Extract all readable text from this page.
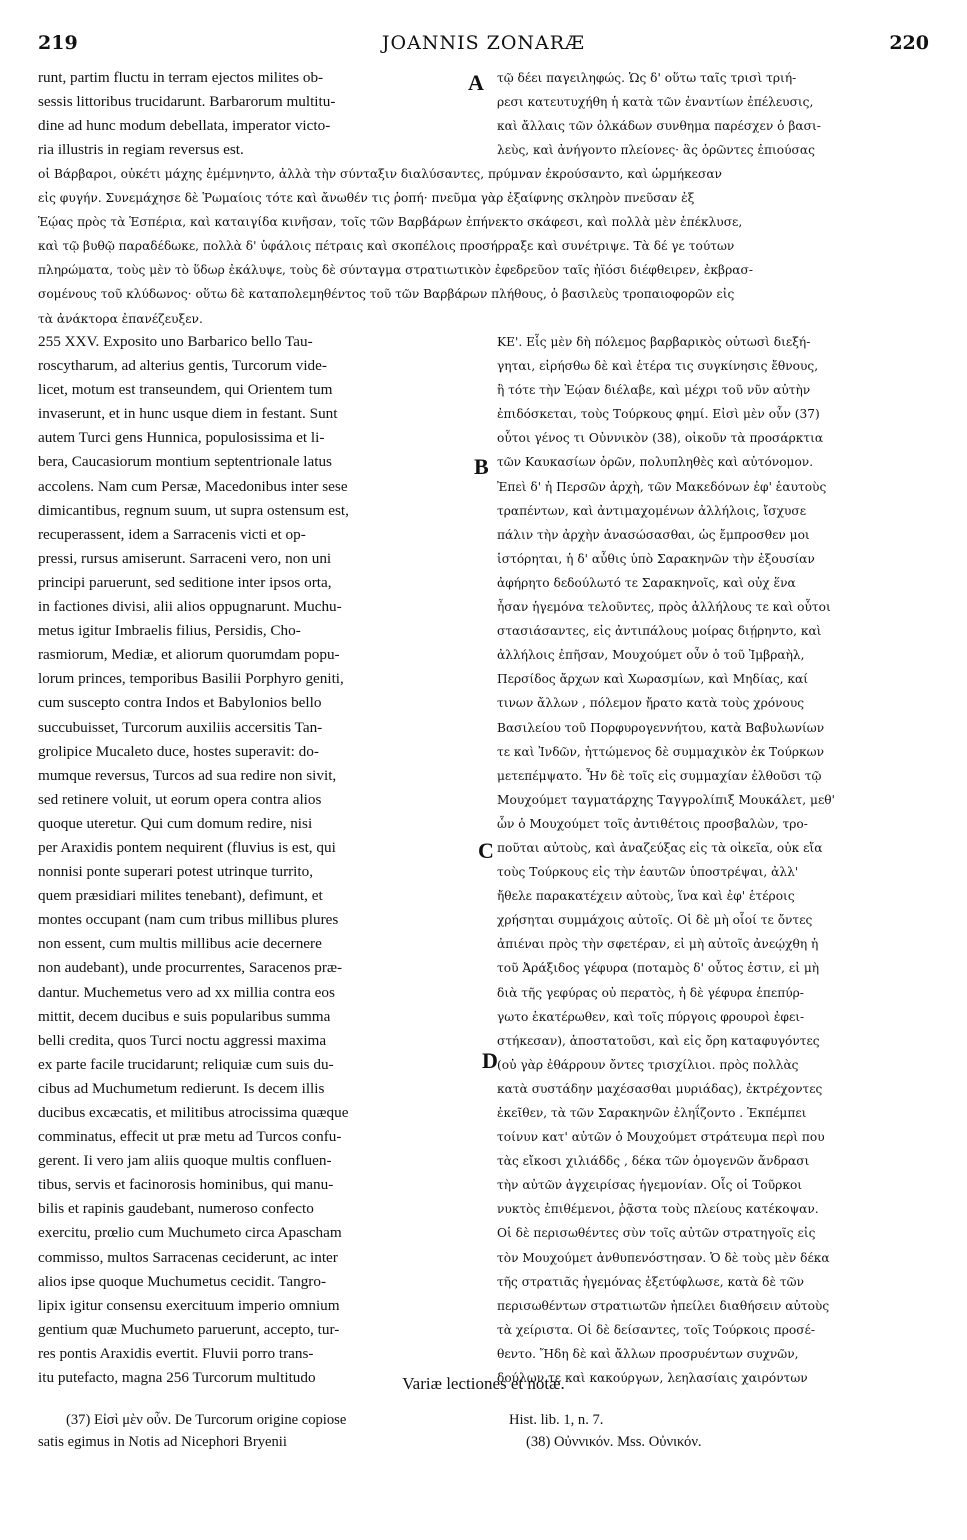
219	JOANNIS ZONARÆ	220
runt, partim fluctu in terram ejectos milites ob-
sessis littoribus trucidarunt. Barbarorum multitu-
dine ad hunc modum debellata, imperator victo-
ria illustris in regiam reversus est.
τῷ δέει παγειληφώς. Ὡς δ' οὕτω ταῖς τρισὶ τριή-
ρεσι κατευτυχήθη ἡ κατὰ τῶν ἐναντίων ἐπέλευσις,
καὶ ἄλλαις τῶν ὁλκάδων συνθημα παρέσχεν ὁ βασι-
λεὺς, καὶ ἀνήγοντο πλείονες· ἃς ὁρῶντες ἐπιούσας
οἱ Βάρβαροι, οὐκέτι μάχης ἐμέμνηντο, ἀλλὰ τὴν σύνταξιν διαλύσαντες, πρύμναν ἐκρούσαντο, καὶ ὡρμήκεσαν
εἰς φυγήν. Συνεμάχησε δὲ Ῥωμαίοις τότε καὶ ἄνωθέν τις ῥοπή· πνεῦμα γὰρ ἐξαίφνης σκληρὸν πνεῦσαν ἐξ
Ἑῴας πρὸς τὰ Ἑσπέρια, καὶ καταιγίδα κινῆσαν, τοῖς τῶν Βαρβάρων ἐπήνεκτο σκάφεσι, καὶ πολλὰ μὲν ἐπέκλυσε,
καὶ τῷ βυθῷ παραδέδωκε, πολλὰ δ' ὑφάλοις πέτραις καὶ σκοπέλοις προσήρραξε καὶ συνέτριψε. Τὰ δέ γε τούτων
πληρώματα, τοὺς μὲν τὸ ὕδωρ ἐκάλυψε, τοὺς δὲ σύνταγμα στρατιωτικὸν ἐφεδρεῦον ταῖς ἠϊόσι διέφθειρεν, ἐκβρασ-
σομένους τοῦ κλύδωνος· οὕτω δὲ καταπολεμηθέντος τοῦ τῶν Βαρβάρων πλήθους, ὁ βασιλεὺς τροπαιοφορῶν εἰς
τὰ ἀνάκτορα ἐπανέζευξεν.
255 XXV. Exposito uno Barbarico bello Tau-
roscytharum, ad alterius gentis, Turcorum vide-
licet, motum est transeundem, qui Orientem tum
invaserunt, et in hunc usque diem in festant. Sunt
autem Turci gens Hunnica, populosissima et li-
bera, Caucasiorum montium septentrionale latus
accolens. Nam cum Persæ, Macedonibus inter sese
dimicantibus, regnum suum, ut supra ostensum est,
recuperassent, idem a Sarracenis victi et op-
pressi, rursus amiserunt. Sarraceni vero, non uni
principi paruerunt, sed seditione inter ipsos orta,
in factiones divisi, alii alios oppugnarunt. Muchu-
metus igitur Imbraelis filius, Persidis, Cho-
rasmiorum, Mediæ, et aliorum quorumdam popu-
lorum princes, temporibus Basilii Porphyro geniti,
cum suscepto contra Indos et Babylonios bello
succubuisset, Turcorum auxiliis accersitis Tan-
grolipice Mucaleto duce, hostes superavit: do-
mumque reversus, Turcos ad sua redire non sivit,
sed retinere voluit, ut eorum opera contra alios
quoque uteretur. Qui cum domum redire, nisi
per Araxidis pontem nequirent (fluvius is est, qui
nonnisi ponte superari potest utrinque turrito,
quem præsidiari milites tenebant), defimunt, et
montes occupant (nam cum tribus millibus plures
non essent, cum multis millibus acie decernere
non audebant), unde procurrentes, Saracenos præ-
dantur. Muchemetus vero ad xx millia contra eos
mittit, decem ducibus e suis popularibus summa
belli credita, quos Turci noctu aggressi maxima
ex parte facile trucidarunt; reliquiæ cum suis du-
cibus ad Muchumetum redierunt. Is decem illis
ducibus excæcatis, et militibus atrocissima quæque
comminatus, effecit ut præ metu ad Turcos confu-
gerent. Ii vero jam aliis quoque multis confluen-
tibus, servis et facinorosis hominibus, qui manu-
bilis et rapinis gaudebant, numeroso confecto
exercitu, prœlio cum Muchumeto circa Apascham
commisso, multos Sarracenas ceciderunt, ac inter
alios ipse quoque Muchumetus cecidit. Tangro-
lipix igitur consensu exercituum imperio omnium
gentium quæ Muchumeto paruerunt, accepto, tur-
res pontis Araxidis evertit. Fluvii porro trans-
itu putefacto, magna 256 Turcorum multitudo
ΚΕ'. Εἷς μὲν δὴ πόλεμος βαρβαρικὸς οὑτωσὶ διεξή-
γηται, εἰρήσθω δὲ καὶ ἑτέρα τις συγκίνησις ἔθνους,
ἣ τότε τὴν Ἑῴαν διέλαβε, καὶ μέχρι τοῦ νῦν αὐτὴν
ἐπιδόσκεται, τοὺς Τούρκους φημί. Εἰσὶ μὲν οὖν (37)
οὗτοι γένος τι Οὐννικὸν (38), οἰκοῦν τὰ προσάρκτια
τῶν Καυκασίων ὀρῶν, πολυπληθὲς καὶ αὐτόνομον.
Ἐπεὶ δ' ἡ Περσῶν ἀρχὴ, τῶν Μακεδόνων ἐφ' ἑαυτοὺς
τραπέντων, καὶ ἀντιμαχομένων ἀλλήλοις, ἴσχυσε
πάλιν τὴν ἀρχὴν ἀνασώσασθαι, ὡς ἔμπροσθεν μοι
ἱστόρηται, ἡ δ' αὖθις ὑπὸ Σαρακηνῶν τὴν ἐξουσίαν
ἀφήρητο δεδούλωτό τε Σαρακηνοῖς, καὶ οὐχ ἕνα
ἦσαν ἡγεμόνα τελοῦντες, πρὸς ἀλλήλους τε καὶ οὗτοι
στασιάσαντες, εἰς ἀντιπάλους μοίρας διῄρηντο, καὶ
ἀλλήλοις ἐπῆσαν, Μουχούμετ οὖν ὁ τοῦ Ἰμβραὴλ,
Περσίδος ἄρχων καὶ Χωρασμίων, καὶ Μηδίας, καί
τινων ἄλλων , πόλεμον ἤρατο κατὰ τοὺς χρόνους
Βασιλείου τοῦ Πορφυρογεννήτου, κατὰ Βαβυλωνίων
τε καὶ Ἰνδῶν, ἡττώμενος δὲ συμμαχικὸν ἐκ Τούρκων
μετεπέμψατο. Ἦν δὲ τοῖς εἰς συμμαχίαν ἐλθοῦσι τῷ
Μουχούμετ ταγματάρχης Ταγγρολίπιξ Μουκάλετ, μεθ'
ὧν ὁ Μουχούμετ τοῖς ἀντιθέτοις προσβαλὼν, τρο-
ποῦται αὐτοὺς, καὶ ἀναζεύξας εἰς τὰ οἰκεῖα, οὐκ εἴα
τοὺς Τούρκους εἰς τὴν ἑαυτῶν ὑποστρέψαι, ἀλλ'
ἤθελε παρακατέχειν αὐτοὺς, ἵνα καὶ ἐφ' ἑτέροις
χρήσηται συμμάχοις αὐτοῖς. Οἱ δὲ μὴ οἷοί τε ὄντες
ἀπιέναι πρὸς τὴν σφετέραν, εἰ μὴ αὐτοῖς ἀνεῴχθη ἡ
τοῦ Ἀράξιδος γέφυρα (ποταμὸς δ' οὗτος ἐστιν, εἰ μὴ
διὰ τῆς γεφύρας οὐ περατὸς, ἡ δὲ γέφυρα ἑπεπύρ-
γωτο ἑκατέρωθεν, καὶ τοῖς πύργοις φρουροὶ ἐφει-
στήκεσαν), ἀποστατοῦσι, καὶ εἰς ὄρη καταφυγόντες
(οὐ γὰρ ἐθάρρουν ὄντες τρισχίλιοι. πρὸς πολλὰς
κατὰ συστάδην μαχέσασθαι μυριάδας), ἐκτρέχοντες
ἐκεῖθεν, τὰ τῶν Σαρακηνῶν ἐληΐζοντο . Ἐκπέμπει
τοίνυν κατ' αὐτῶν ὁ Μουχούμετ στράτευμα περὶ που
τὰς εἴκοσι χιλιάδδς , δέκα τῶν ὁμογενῶν ἄνδρασι
τὴν αὐτῶν ἀγχειρίσας ἡγεμονίαν. Οἷς οἱ Τοῦρκοι
νυκτὸς ἐπιθέμενοι, ῥᾷστα τοὺς πλείους κατέκοψαν.
Οἱ δὲ περισωθέντες σὺν τοῖς αὐτῶν στρατηγοῖς εἰς
τὸν Μουχούμετ ἀνθυπενόστησαν. Ὁ δὲ τοὺς μὲν δέκα
τῆς στρατιᾶς ἡγεμόνας ἐξετύφλωσε, κατὰ δὲ τῶν
περισωθέντων στρατιωτῶν ἠπείλει διαθήσειν αὐτοὺς
τὰ χείριστα. Οἱ δὲ δείσαντες, τοῖς Τούρκοις προσέ-
θεντο. Ἤδη δὲ καὶ ἄλλων προσρυέντων συχνῶν,
δούλων τε καὶ κακούργων, λεηλασίαις χαιρόντων
A
B
C
D
Variæ lectiones et notæ.
(37) Εἰσὶ μὲν οὖν. De Turcorum origine copiose
satis egimus in Notis ad Nicephori Bryenii
Hist. lib. 1, n. 7.
(38) Οὐννικόν. Mss. Οὐνικόν.
